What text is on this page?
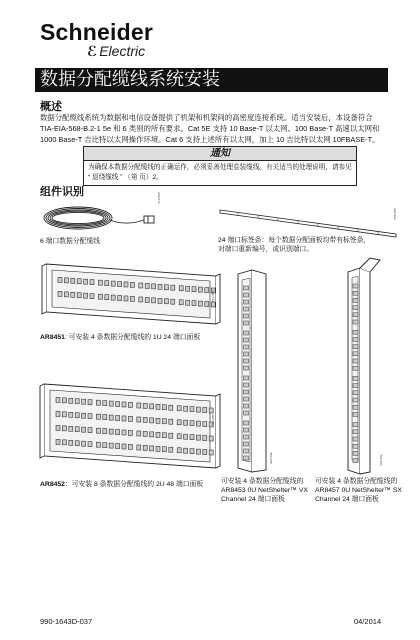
Schneider
ℰ Electric
数据分配缆线系统安装
概述
数据分配缆线系统为数据和电信设备提供了机架和机架间的高密度连接系统。适当安装后，本设备符合 TIA-EIA-568-B.2-1 5e 和 6 类别的所有要求。Cat 5E 支持 10 Base-T 以太网、100 Base-T 高速以太网和 1000 Base-T 吉比特以太网操作环境。Cat 6 支持上述所有以太网，加上 10 吉比特以太网 10FBASE-T。
通知
为确保本数据分配缆线的正确运作，必须妥善处理卷装缆线。有关适当的处理说明，请参见 “ 退绕缆线 ” （第 页）2。
组件识别	na6717a
6 端口数据分配缆线
na6716a
24 端口标签条：每个数据分配面板均带有标签条，
对端口重新编号，或识别端口。
na6714a
AR8451: 可安装 4 条数据分配缆线的 1U 24 端口面板
na6713a
AR8452：可安装 8 条数据分配缆线的 2U 48 端口面板
na6718a
可安装 4 条数据分配缆线的
AR8453 0U NetShelter™ VX
Channel 24 端口面板
na6715a
可安装 4 条数据分配缆线的
AR8457 0U NetShelter™ SX
Channel 24 端口面板
990-1643D-037	04/2014
